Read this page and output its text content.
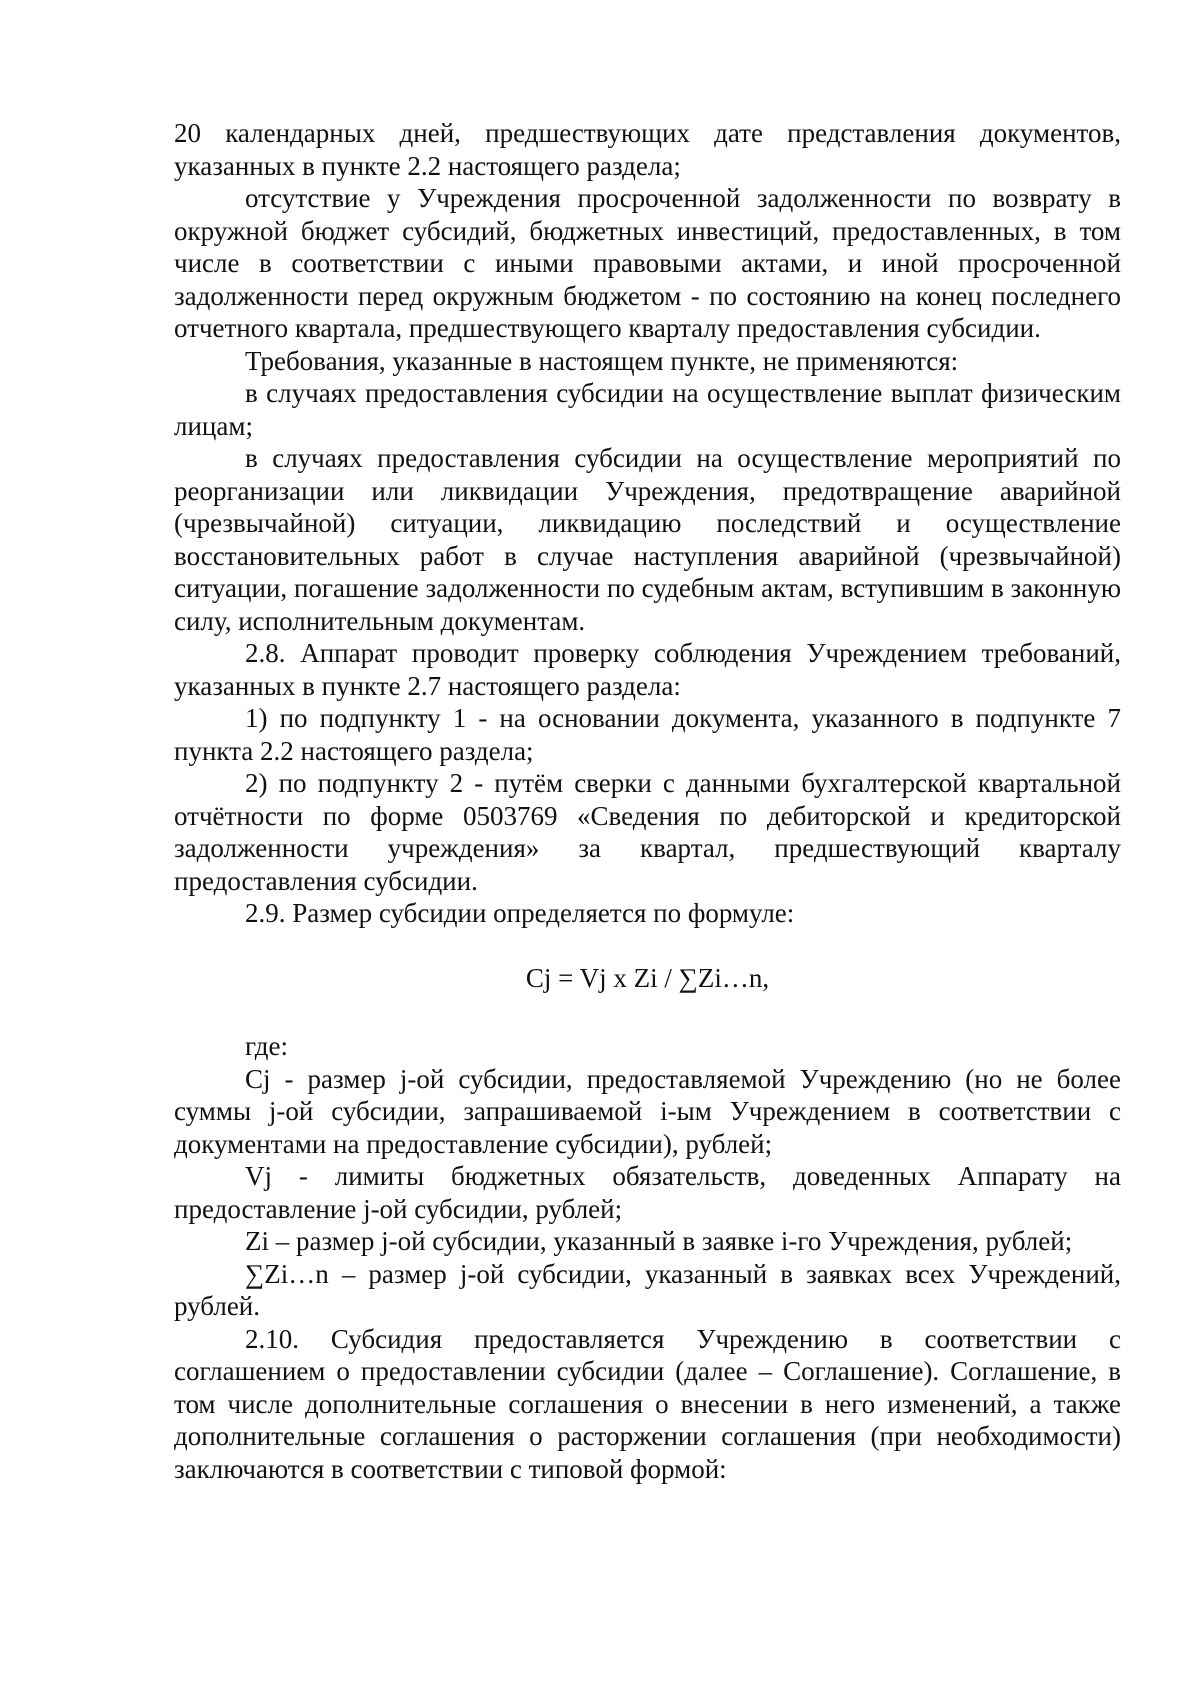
20 календарных дней, предшествующих дате представления документов, указанных в пункте 2.2 настоящего раздела;

отсутствие у Учреждения просроченной задолженности по возврату в окружной бюджет субсидий, бюджетных инвестиций, предоставленных, в том числе в соответствии с иными правовыми актами, и иной просроченной задолженности перед окружным бюджетом - по состоянию на конец последнего отчетного квартала, предшествующего кварталу предоставления субсидии.

Требования, указанные в настоящем пункте, не применяются:

в случаях предоставления субсидии на осуществление выплат физическим лицам;

в случаях предоставления субсидии на осуществление мероприятий по реорганизации или ликвидации Учреждения, предотвращение аварийной (чрезвычайной) ситуации, ликвидацию последствий и осуществление восстановительных работ в случае наступления аварийной (чрезвычайной) ситуации, погашение задолженности по судебным актам, вступившим в законную силу, исполнительным документам.

2.8. Аппарат проводит проверку соблюдения Учреждением требований, указанных в пункте 2.7 настоящего раздела:

1) по подпункту 1 - на основании документа, указанного в подпункте 7 пункта 2.2 настоящего раздела;

2) по подпункту 2 - путём сверки с данными бухгалтерской квартальной отчётности по форме 0503769 «Сведения по дебиторской и кредиторской задолженности учреждения» за квартал, предшествующий кварталу предоставления субсидии.

2.9. Размер субсидии определяется по формуле:

Cj = Vj x Zi / ∑Zi…n,

где:

Cj - размер j-ой субсидии, предоставляемой Учреждению (но не более суммы j-ой субсидии, запрашиваемой i-ым Учреждением в соответствии с документами на предоставление субсидии), рублей;

Vj - лимиты бюджетных обязательств, доведенных Аппарату на предоставление j-ой субсидии, рублей;

Zi – размер j-ой субсидии, указанный в заявке i-го Учреждения, рублей;

∑Zi…n – размер j-ой субсидии, указанный в заявках всех Учреждений, рублей.

2.10. Субсидия предоставляется Учреждению в соответствии с соглашением о предоставлении субсидии (далее – Соглашение). Соглашение, в том числе дополнительные соглашения о внесении в него изменений, а также дополнительные соглашения о расторжении соглашения (при необходимости) заключаются в соответствии с типовой формой:
